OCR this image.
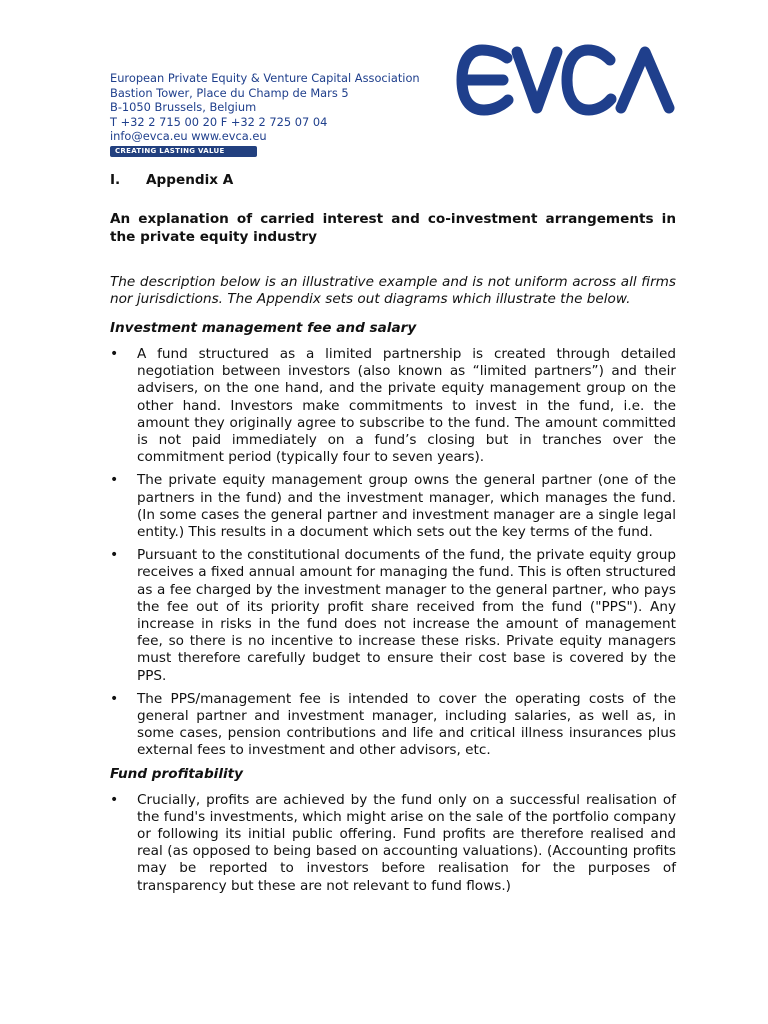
European Private Equity & Venture Capital Association
Bastion Tower, Place du Champ de Mars 5
B-1050 Brussels, Belgium
T +32 2 715 00 20 F +32 2 725 07 04
info@evca.eu www.evca.eu
CREATING LASTING VALUE
I.	Appendix A
An explanation of carried interest and co-investment arrangements in the private equity industry
The description below is an illustrative example and is not uniform across all firms nor jurisdictions. The Appendix sets out diagrams which illustrate the below.
Investment management fee and salary
• A fund structured as a limited partnership is created through detailed negotiation between investors (also known as “limited partners”) and their advisers, on the one hand, and the private equity management group on the other hand. Investors make commitments to invest in the fund, i.e. the amount they originally agree to subscribe to the fund. The amount committed is not paid immediately on a fund’s closing but in tranches over the commitment period (typically four to seven years).
• The private equity management group owns the general partner (one of the partners in the fund) and the investment manager, which manages the fund. (In some cases the general partner and investment manager are a single legal entity.) This results in a document which sets out the key terms of the fund.
• Pursuant to the constitutional documents of the fund, the private equity group receives a fixed annual amount for managing the fund. This is often structured as a fee charged by the investment manager to the general partner, who pays the fee out of its priority profit share received from the fund ("PPS"). Any increase in risks in the fund does not increase the amount of management fee, so there is no incentive to increase these risks. Private equity managers must therefore carefully budget to ensure their cost base is covered by the PPS.
• The PPS/management fee is intended to cover the operating costs of the general partner and investment manager, including salaries, as well as, in some cases, pension contributions and life and critical illness insurances plus external fees to investment and other advisors, etc.
Fund profitability
• Crucially, profits are achieved by the fund only on a successful realisation of the fund's investments, which might arise on the sale of the portfolio company or following its initial public offering. Fund profits are therefore realised and real (as opposed to being based on accounting valuations). (Accounting profits may be reported to investors before realisation for the purposes of transparency but these are not relevant to fund flows.)
